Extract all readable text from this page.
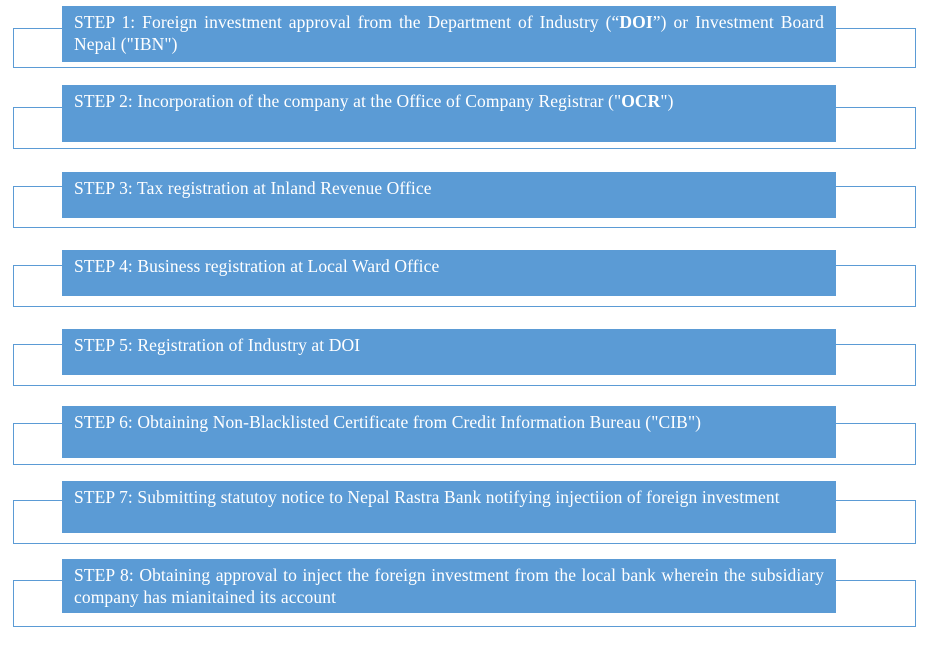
STEP 1: Foreign investment approval from the Department of Industry (“DOI”) or Investment Board Nepal ("IBN")
STEP 2: Incorporation of the company at the Office of Company Registrar ("OCR")
STEP 3: Tax registration at Inland Revenue Office
STEP 4: Business registration at Local Ward Office
STEP 5: Registration of Industry at DOI
STEP 6: Obtaining Non-Blacklisted Certificate from Credit Information Bureau ("CIB")
STEP 7: Submitting statutoy notice to Nepal Rastra Bank notifying injectiion of foreign investment
STEP 8: Obtaining approval to inject the foreign investment from the local bank wherein the subsidiary company has mianitained its account
